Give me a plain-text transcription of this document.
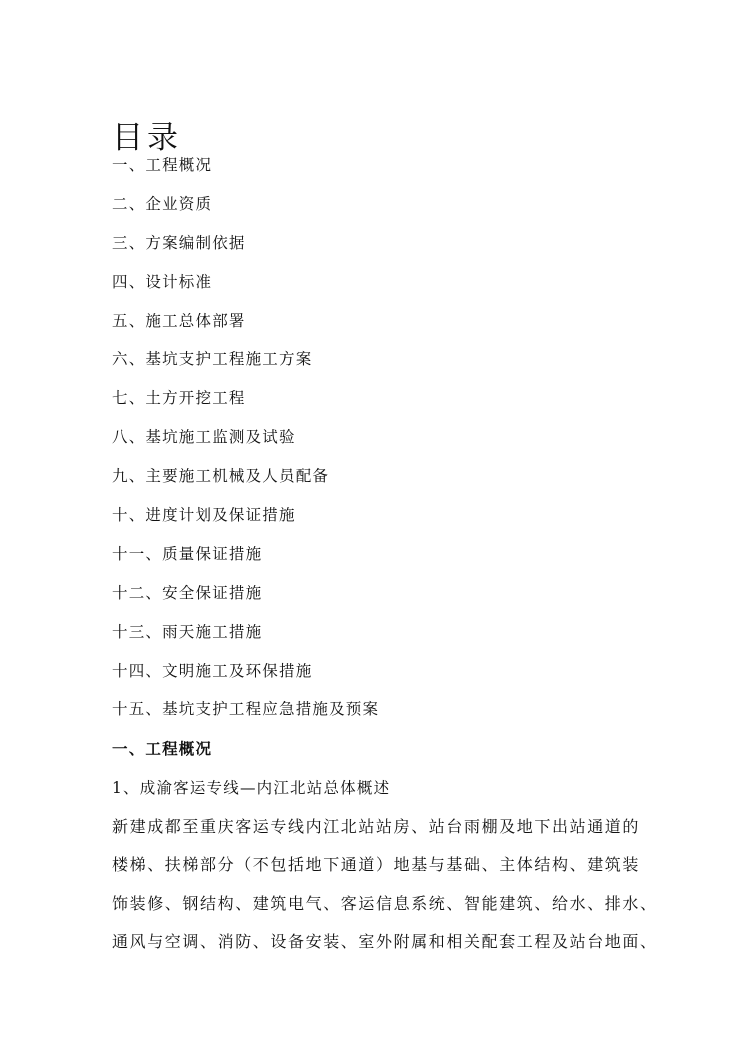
目录
一、工程概况
二、企业资质
三、方案编制依据
四、设计标准
五、施工总体部署
六、基坑支护工程施工方案
七、土方开挖工程
八、基坑施工监测及试验
九、主要施工机械及人员配备
十、进度计划及保证措施
十一、质量保证措施
十二、安全保证措施
十三、雨天施工措施
十四、文明施工及环保措施
十五、基坑支护工程应急措施及预案
一、工程概况
1、成渝客运专线—内江北站总体概述

新建成都至重庆客运专线内江北站站房、站台雨棚及地下出站通道的
楼梯、扶梯部分（不包括地下通道）地基与基础、主体结构、建筑装
饰装修、钢结构、建筑电气、客运信息系统、智能建筑、给水、排水、
通风与空调、消防、设备安装、室外附属和相关配套工程及站台地面、
